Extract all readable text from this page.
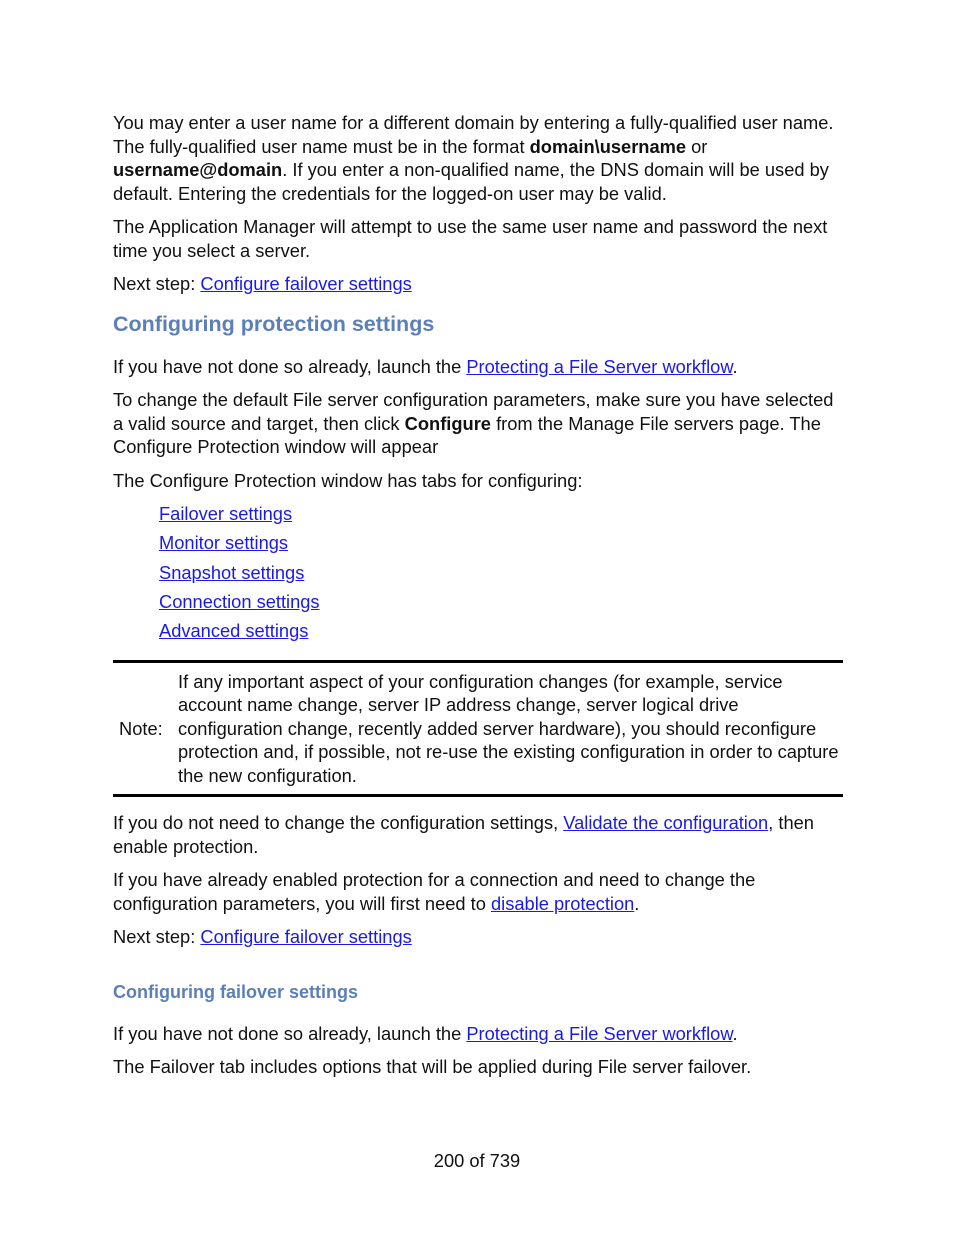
You may enter a user name for a different domain by entering a fully-qualified user name. The fully-qualified user name must be in the format domain\username or username@domain. If you enter a non-qualified name, the DNS domain will be used by default. Entering the credentials for the logged-on user may be valid.

The Application Manager will attempt to use the same user name and password the next time you select a server.

Next step: Configure failover settings

Configuring protection settings

If you have not done so already, launch the Protecting a File Server workflow.

To change the default File server configuration parameters, make sure you have selected a valid source and target, then click Configure from the Manage File servers page. The Configure Protection window will appear

The Configure Protection window has tabs for configuring:

Failover settings
Monitor settings
Snapshot settings
Connection settings
Advanced settings
Note:
If any important aspect of your configuration changes (for example, service account name change, server IP address change, server logical drive configuration change, recently added server hardware), you should reconfigure protection and, if possible, not re-use the existing configuration in order to capture the new configuration.

If you do not need to change the configuration settings, Validate the configuration, then enable protection.

If you have already enabled protection for a connection and need to change the configuration parameters, you will first need to disable protection.

Next step: Configure failover settings

Configuring failover settings

If you have not done so already, launch the Protecting a File Server workflow.

The Failover tab includes options that will be applied during File server failover.

200 of 739
